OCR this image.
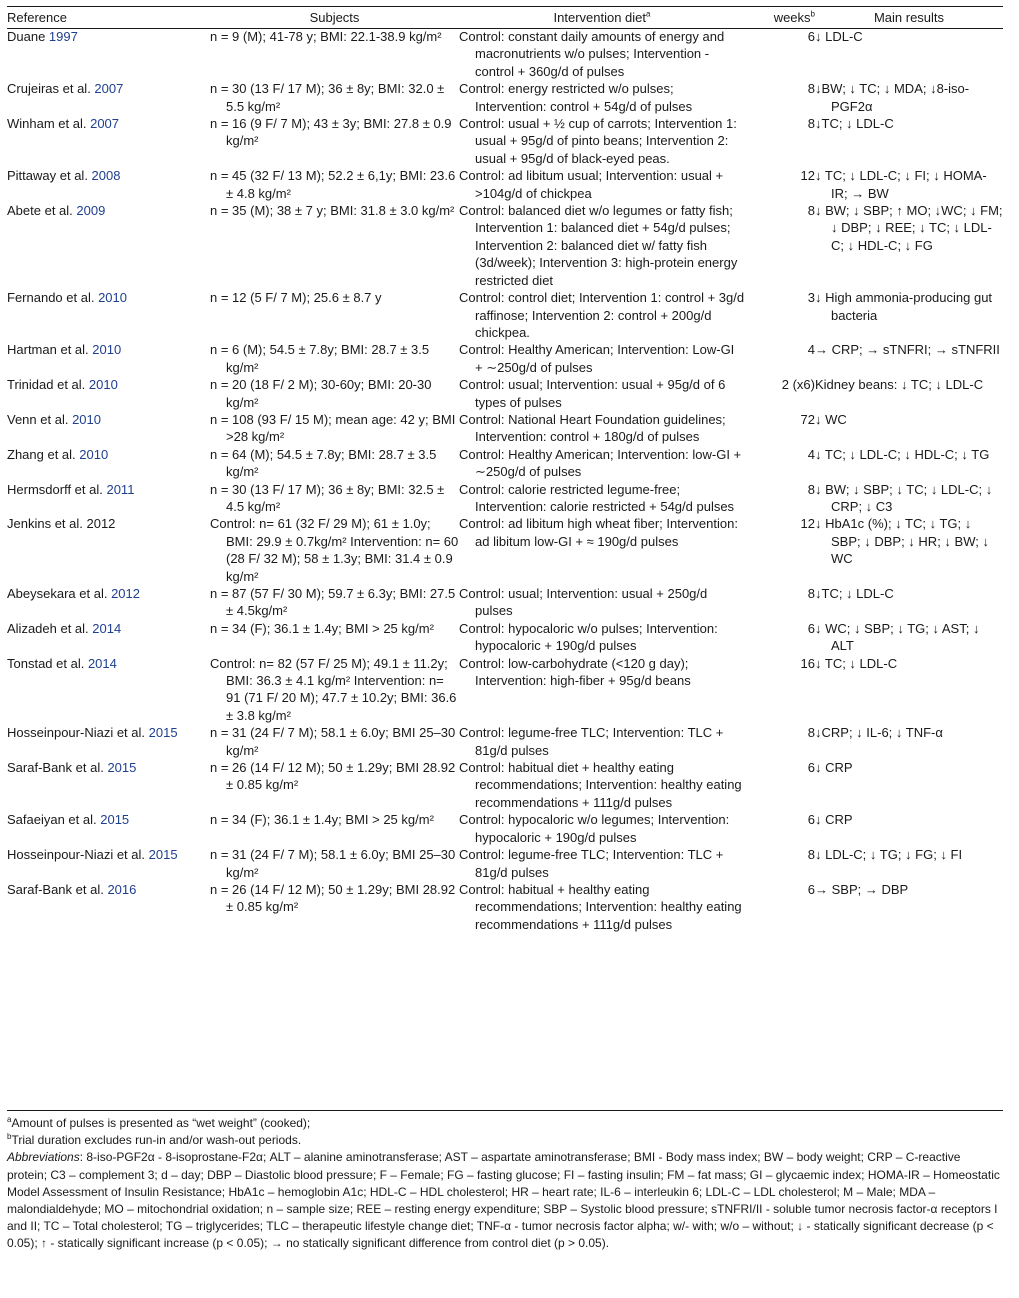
Reference	Subjects	Intervention diet$^a$	weeks$^b$	Main results
Duane 1997	n = 9 (M); 41-78 y; BMI: 22.1-38.9 kg/m²	Control: constant daily amounts of energy and macronutrients w/o pulses; Intervention - control + 360g/d of pulses	6	↓ LDL-C

Crujeiras et al. 2007	n = 30 (13 F/ 17 M); 36 ± 8y; BMI: 32.0 ± 5.5 kg/m²	Control: energy restricted w/o pulses; Intervention: control + 54g/d of pulses	8	↓BW; ↓ TC; ↓ MDA; ↓8-iso-PGF2α

Winham et al. 2007	n = 16 (9 F/ 7 M); 43 ± 3y; BMI: 27.8 ± 0.9 kg/m²	Control: usual + ½ cup of carrots; Intervention 1: usual + 95g/d of pinto beans; Intervention 2: usual + 95g/d of black-eyed peas.	8	↓TC; ↓ LDL-C

Pittaway et al. 2008	n = 45 (32 F/ 13 M); 52.2 ± 6,1y; BMI: 23.6 ± 4.8 kg/m²	Control: ad libitum usual; Intervention: usual + >104g/d of chickpea	12	↓ TC; ↓ LDL-C; ↓ FI; ↓ HOMA-IR; → BW

Abete et al. 2009	n = 35 (M); 38 ± 7 y; BMI: 31.8 ± 3.0 kg/m²	Control: balanced diet w/o legumes or fatty fish; Intervention 1: balanced diet + 54g/d pulses; Intervention 2: balanced diet w/ fatty fish (3d/week); Intervention 3: high-protein energy restricted diet	8	↓ BW; ↓ SBP; ↑ MO; ↓WC; ↓ FM; ↓ DBP; ↓ REE; ↓ TC; ↓ LDL-C; ↓ HDL-C; ↓ FG

Fernando et al. 2010	n = 12 (5 F/ 7 M); 25.6 ± 8.7 y	Control: control diet; Intervention 1: control + 3g/d raffinose; Intervention 2: control + 200g/d chickpea.	3	↓ High ammonia-producing gut bacteria

Hartman et al. 2010	n = 6 (M); 54.5 ± 7.8y; BMI: 28.7 ± 3.5 kg/m²	Control: Healthy American; Intervention: Low-GI + ∼250g/d of pulses	4	→ CRP; → sTNFRI; → sTNFRII

Trinidad et al. 2010	n = 20 (18 F/ 2 M); 30-60y; BMI: 20-30 kg/m²	Control: usual; Intervention: usual + 95g/d of 6 types of pulses	2 (x6)	Kidney beans: ↓ TC; ↓ LDL-C

Venn et al. 2010	n = 108 (93 F/ 15 M); mean age: 42 y; BMI >28 kg/m²	Control: National Heart Foundation guidelines; Intervention: control + 180g/d of pulses	72	↓ WC

Zhang et al. 2010	n = 64 (M); 54.5 ± 7.8y; BMI: 28.7 ± 3.5 kg/m²	Control: Healthy American; Intervention: low-GI + ∼250g/d of pulses	4	↓ TC; ↓ LDL-C; ↓ HDL-C; ↓ TG

Hermsdorff et al. 2011	n = 30 (13 F/ 17 M); 36 ± 8y; BMI: 32.5 ± 4.5 kg/m²	Control: calorie restricted legume-free; Intervention: calorie restricted + 54g/d pulses	8	↓ BW; ↓ SBP; ↓ TC; ↓ LDL-C; ↓ CRP; ↓ C3

Jenkins et al. 2012	Control: n= 61 (32 F/ 29 M); 61 ± 1.0y; BMI: 29.9 ± 0.7kg/m² Intervention: n= 60 (28 F/ 32 M); 58 ± 1.3y; BMI: 31.4 ± 0.9 kg/m²	Control: ad libitum high wheat fiber; Intervention: ad libitum low-GI + ≈ 190g/d pulses	12	↓ HbA1c (%); ↓ TC; ↓ TG; ↓ SBP; ↓ DBP; ↓ HR; ↓ BW; ↓ WC

Abeysekara et al. 2012	n = 87 (57 F/ 30 M); 59.7 ± 6.3y; BMI: 27.5 ± 4.5kg/m²	Control: usual; Intervention: usual + 250g/d pulses	8	↓TC; ↓ LDL-C

Alizadeh et al. 2014	n = 34 (F); 36.1 ± 1.4y; BMI > 25 kg/m²	Control: hypocaloric w/o pulses; Intervention: hypocaloric + 190g/d pulses	6	↓ WC; ↓ SBP; ↓ TG; ↓ AST; ↓ ALT

Tonstad et al. 2014	Control: n= 82 (57 F/ 25 M); 49.1 ± 11.2y; BMI: 36.3 ± 4.1 kg/m² Intervention: n= 91 (71 F/ 20 M); 47.7 ± 10.2y; BMI: 36.6 ± 3.8 kg/m²	Control: low-carbohydrate (<120 g day); Intervention: high-fiber + 95g/d beans	16	↓ TC; ↓ LDL-C

Hosseinpour-Niazi et al. 2015	n = 31 (24 F/ 7 M); 58.1 ± 6.0y; BMI 25–30 kg/m²	Control: legume-free TLC; Intervention: TLC + 81g/d pulses	8	↓CRP; ↓ IL-6; ↓ TNF-α

Saraf-Bank et al. 2015	n = 26 (14 F/ 12 M); 50 ± 1.29y; BMI 28.92 ± 0.85 kg/m²	Control: habitual diet + healthy eating recommendations; Intervention: healthy eating recommendations + 111g/d pulses	6	↓ CRP

Safaeiyan et al. 2015	n = 34 (F); 36.1 ± 1.4y; BMI > 25 kg/m²	Control: hypocaloric w/o legumes; Intervention: hypocaloric + 190g/d pulses	6	↓ CRP

Hosseinpour-Niazi et al. 2015	n = 31 (24 F/ 7 M); 58.1 ± 6.0y; BMI 25–30 kg/m²	Control: legume-free TLC; Intervention: TLC + 81g/d pulses	8	↓ LDL-C; ↓ TG; ↓ FG; ↓ FI

Saraf-Bank et al. 2016	n = 26 (14 F/ 12 M); 50 ± 1.29y; BMI 28.92 ± 0.85 kg/m²	Control: habitual + healthy eating recommendations; Intervention: healthy eating recommendations + 111g/d pulses	6	→ SBP; → DBP

$^a$Amount of pulses is presented as “wet weight” (cooked);

$^b$Trial duration excludes run-in and/or wash-out periods.

Abbreviations: 8-iso-PGF2α - 8-isoprostane-F2α; ALT – alanine aminotransferase; AST – aspartate aminotransferase; BMI - Body mass index; BW – body weight; CRP – C-reactive protein; C3 – complement 3; d – day; DBP – Diastolic blood pressure; F – Female; FG – fasting glucose; FI – fasting insulin; FM – fat mass; GI – glycaemic index; HOMA-IR – Homeostatic Model Assessment of Insulin Resistance; HbA1c – hemoglobin A1c; HDL-C – HDL cholesterol; HR – heart rate; IL-6 – interleukin 6; LDL-C – LDL cholesterol; M – Male; MDA – malondialdehyde; MO – mitochondrial oxidation; n – sample size; REE – resting energy expenditure; SBP – Systolic blood pressure; sTNFRI/II - soluble tumor necrosis factor-α receptors I and II; TC – Total cholesterol; TG – triglycerides; TLC – therapeutic lifestyle change diet; TNF-α - tumor necrosis factor alpha; w/- with; w/o – without; ↓ - statically significant decrease (p < 0.05); ↑ - statically significant increase (p < 0.05); → no statically significant difference from control diet (p > 0.05).
